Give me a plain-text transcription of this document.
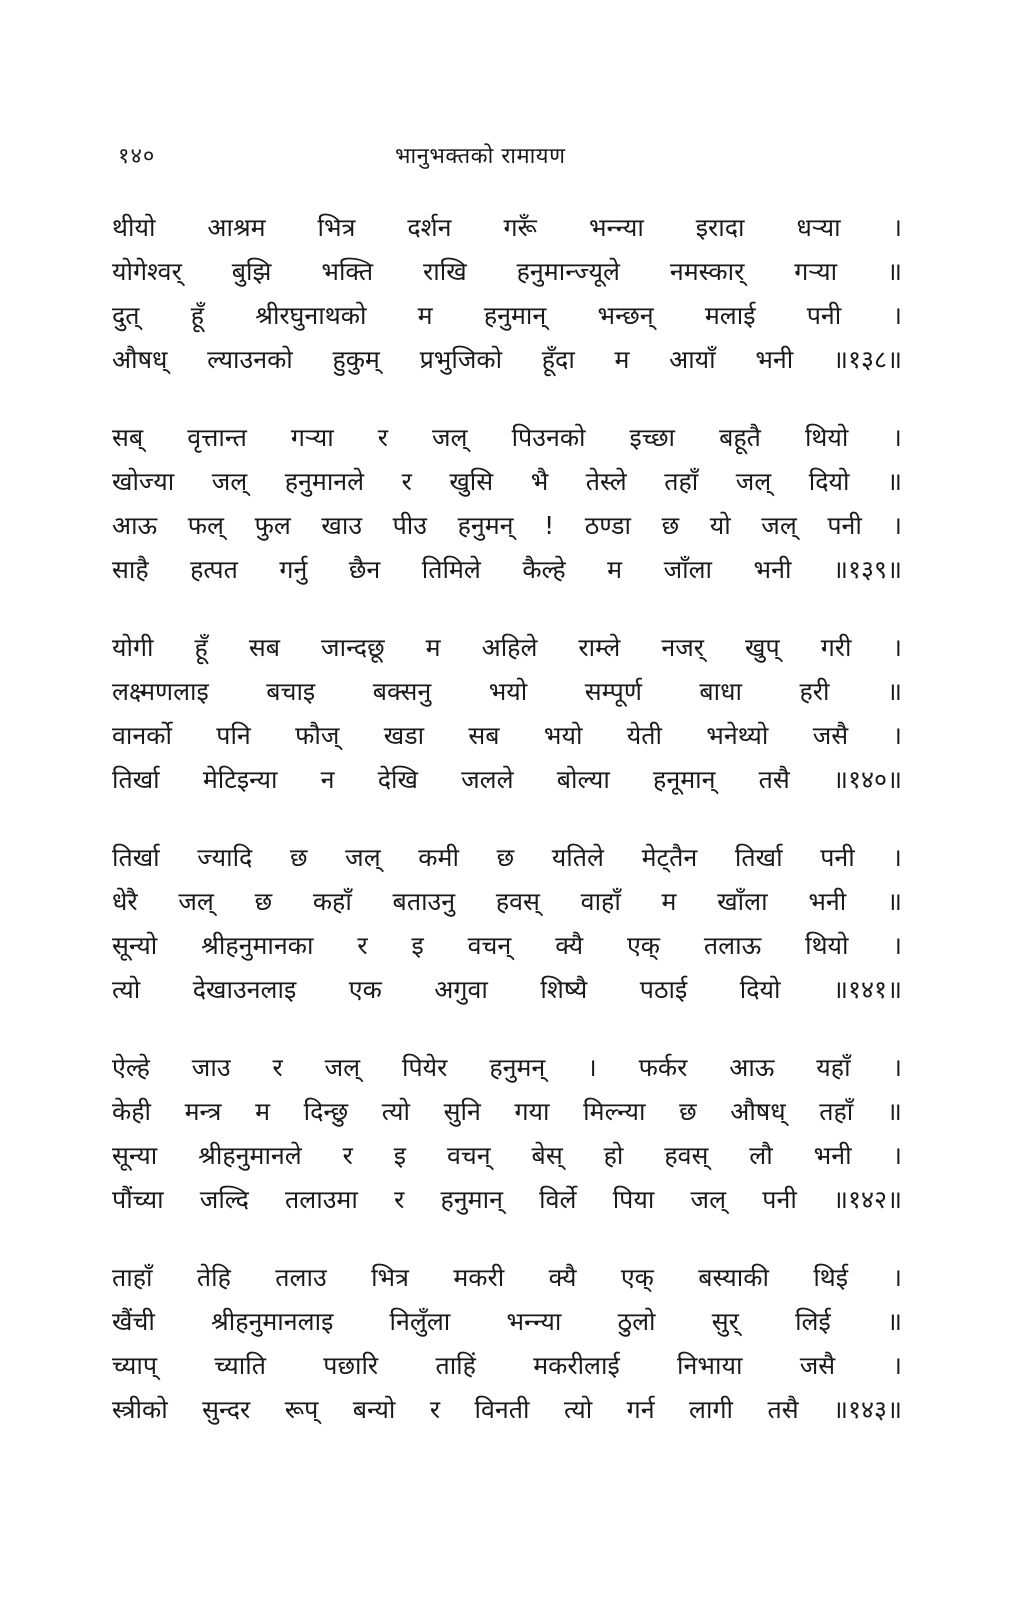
१४०	भानुभक्तको रामायण
थीयो आश्रम भित्र दर्शन गरूँ भन्न्या इरादा धऱ्या ।
योगेश्वर् बुझि भक्ति राखि हनुमान्ज्यूले नमस्कार् गऱ्या ॥
दुत् हूँ श्रीरघुनाथको म हनुमान् भन्छन् मलाई पनी ।
औषध् ल्याउनको हुकुम् प्रभुजिको हूँदा म आयाँ भनी ॥१३८॥
सब् वृत्तान्त गऱ्या र जल् पिउनको इच्छा बहूतै थियो ।
खोज्या जल् हनुमानले र खुसि भै तेस्ले तहाँ जल् दियो ॥
आऊ फल् फुल खाउ पीउ हनुमन् ! ठण्डा छ यो जल् पनी ।
साहै हत्पत गर्नु छैन तिमिले कैल्हे म जाँला भनी ॥१३९॥
योगी हूँ सब जान्दछू म अहिले राम्ले नजर् खुप् गरी ।
लक्ष्मणलाइ बचाइ बक्सनु भयो सम्पूर्ण बाधा हरी ॥
वानर्को पनि फौज् खडा सब भयो येती भनेथ्यो जसै ।
तिर्खा मेटिइन्या न देखि जलले बोल्या हनूमान् तसै ॥१४०॥
तिर्खा ज्यादि छ जल् कमी छ यतिले मेट्तैन तिर्खा पनी ।
धेरै जल् छ कहाँ बताउनु हवस् वाहाँ म खाँला भनी ॥
सून्यो श्रीहनुमानका र इ वचन् क्यै एक् तलाऊ थियो ।
त्यो देखाउनलाइ एक अगुवा शिष्यै पठाई दियो ॥१४१॥
ऐल्हे जाउ र जल् पियेर हनुमन् । फर्कर आऊ यहाँ ।
केही मन्त्र म दिन्छु त्यो सुनि गया मिल्न्या छ औषध् तहाँ ॥
सून्या श्रीहनुमानले र इ वचन् बेस् हो हवस् लौ भनी ।
पौंच्या जल्दि तलाउमा र हनुमान् विर्ले पिया जल् पनी ॥१४२॥
ताहाँ तेहि तलाउ भित्र मकरी क्यै एक् बस्याकी थिई ।
खैंची श्रीहनुमानलाइ निलुँला भन्न्या ठुलो सुर् लिई ॥
च्याप् च्याति पछारि ताहिं मकरीलाई निभाया जसै ।
स्त्रीको सुन्दर रूप् बन्यो र विनती त्यो गर्न लागी तसै ॥१४३॥
